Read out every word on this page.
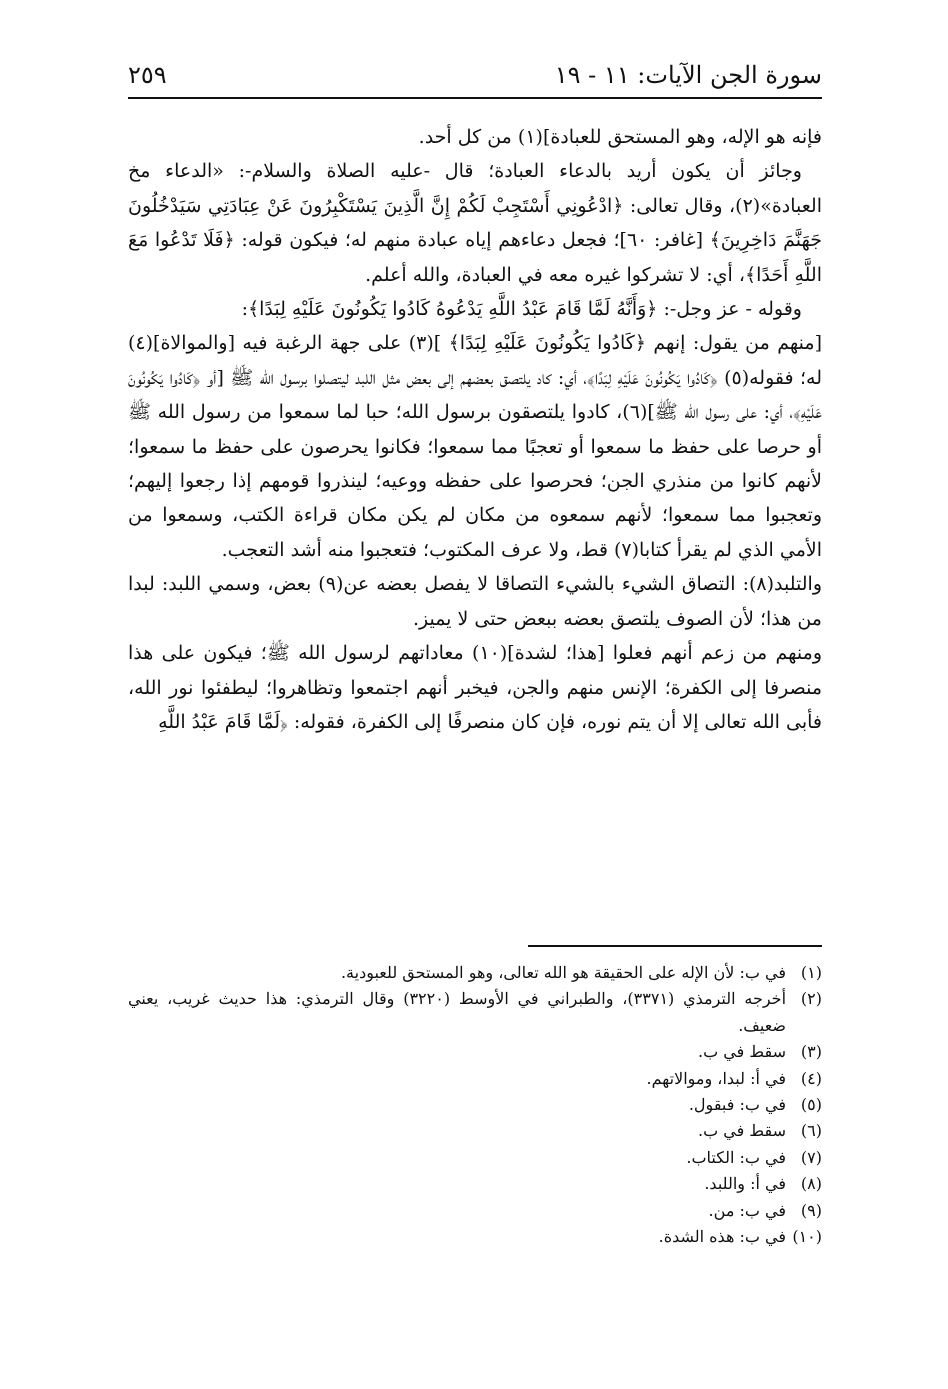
سورة الجن الآيات: ١١ - ١٩
٢٥٩

فإنه هو الإله، وهو المستحق للعبادة](١) من كل أحد.

وجائز أن يكون أريد بالدعاء العبادة؛ قال -عليه الصلاة والسلام-: «الدعاء مخ العبادة»(٢)، وقال تعالى: ﴿ادْعُونِي أَسْتَجِبْ لَكُمْ إِنَّ الَّذِينَ يَسْتَكْبِرُونَ عَنْ عِبَادَتِي سَيَدْخُلُونَ جَهَنَّمَ دَاخِرِينَ﴾ [غافر: ٦٠]؛ فجعل دعاءهم إياه عبادة منهم له؛ فيكون قوله: ﴿فَلَا تَدْعُوا مَعَ اللَّهِ أَحَدًا﴾، أي: لا تشركوا غيره معه في العبادة، والله أعلم.

وقوله - عز وجل-: ﴿وَأَنَّهُ لَمَّا قَامَ عَبْدُ اللَّهِ يَدْعُوهُ كَادُوا يَكُونُونَ عَلَيْهِ لِبَدًا﴾:

[منهم من يقول: إنهم ﴿كَادُوا يَكُونُونَ عَلَيْهِ لِبَدًا﴾ ](٣) على جهة الرغبة فيه [والموالاة](٤) له؛ فقوله(٥) ﴿كَادُوا يَكُونُونَ عَلَيْهِ لِبَدًا﴾، أي: كاد يلتصق بعضهم إلى بعض مثل اللبد ليتصلوا برسول الله ﷺ [أو ﴿كَادُوا يَكُونُونَ عَلَيْهِ﴾، أي: على رسول الله ﷺ](٦)، كادوا يلتصقون برسول الله؛ حبا لما سمعوا من رسول الله ﷺ أو حرصا على حفظ ما سمعوا أو تعجبًا مما سمعوا؛ فكانوا يحرصون على حفظ ما سمعوا؛ لأنهم كانوا من منذري الجن؛ فحرصوا على حفظه ووعيه؛ لينذروا قومهم إذا رجعوا إليهم؛ وتعجبوا مما سمعوا؛ لأنهم سمعوه من مكان لم يكن مكان قراءة الكتب، وسمعوا من الأمي الذي لم يقرأ كتابا(٧) قط، ولا عرف المكتوب؛ فتعجبوا منه أشد التعجب.

والتلبد(٨): التصاق الشيء بالشيء التصاقا لا يفصل بعضه عن(٩) بعض، وسمي اللبد: لبدا من هذا؛ لأن الصوف يلتصق بعضه ببعض حتى لا يميز.

ومنهم من زعم أنهم فعلوا [هذا؛ لشدة](١٠) معاداتهم لرسول الله ﷺ؛ فيكون على هذا منصرفا إلى الكفرة؛ الإنس منهم والجن، فيخبر أنهم اجتمعوا وتظاهروا؛ ليطفئوا نور الله، فأبى الله تعالى إلا أن يتم نوره، فإن كان منصرفًا إلى الكفرة، فقوله: ﴿لَمَّا قَامَ عَبْدُ اللَّهِ

(١)
في ب: لأن الإله على الحقيقة هو الله تعالى، وهو المستحق للعبودية.
(٢)
أخرجه الترمذي (٣٣٧١)، والطبراني في الأوسط (٣٢٢٠) وقال الترمذي: هذا حديث غريب، يعني ضعيف.
(٣)
سقط في ب.
(٤)
في أ: لبدا، وموالاتهم.
(٥)
في ب: فبقول.
(٦)
سقط في ب.
(٧)
في ب: الكتاب.
(٨)
في أ: واللبد.
(٩)
في ب: من.
(١٠)
في ب: هذه الشدة.
